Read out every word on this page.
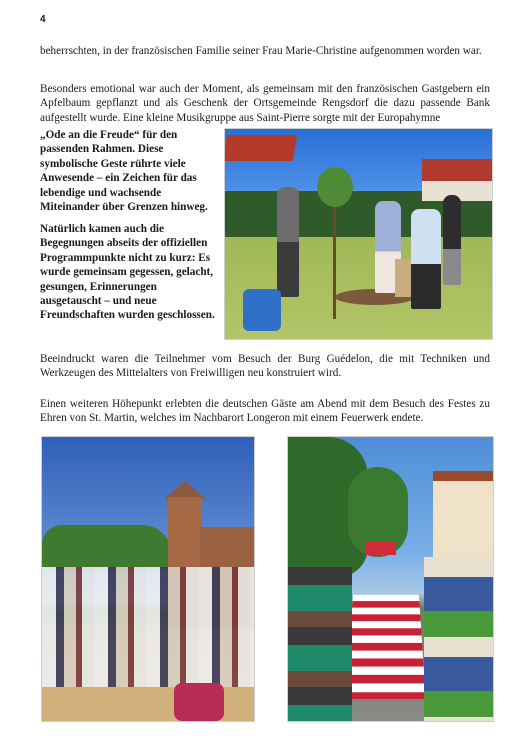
4

beherrschten, in der französischen Familie seiner Frau Marie-Christine aufgenommen worden war.

Besonders emotional war auch der Moment, als gemeinsam mit den französischen Gastgebern ein Apfelbaum gepflanzt und als Geschenk der Ortsgemeinde Rengsdorf die dazu passende Bank aufgestellt wurde. Eine kleine Musikgruppe aus Saint-Pierre sorgte mit der Europahymne

„Ode an die Freude“ für den passenden Rahmen. Diese symbolische Geste rührte viele Anwesende – ein Zeichen für das lebendige und wachsende Miteinander über Grenzen hinweg.

Natürlich kamen auch die Begegnungen abseits der offiziellen Programmpunkte nicht zu kurz: Es wurde gemeinsam gegessen, gelacht, gesungen, Erinnerungen ausgetauscht – und neue Freundschaften wurden geschlossen.

Beeindruckt waren die Teilnehmer vom Besuch der Burg Guédelon, die mit Techniken und Werkzeugen des Mittelalters von Freiwilligen neu konstruiert wird.

Einen weiteren Höhepunkt erlebten die deutschen Gäste am Abend mit dem Besuch des Festes zu Ehren von St. Martin, welches im Nachbarort Longeron mit einem Feuerwerk endete.
